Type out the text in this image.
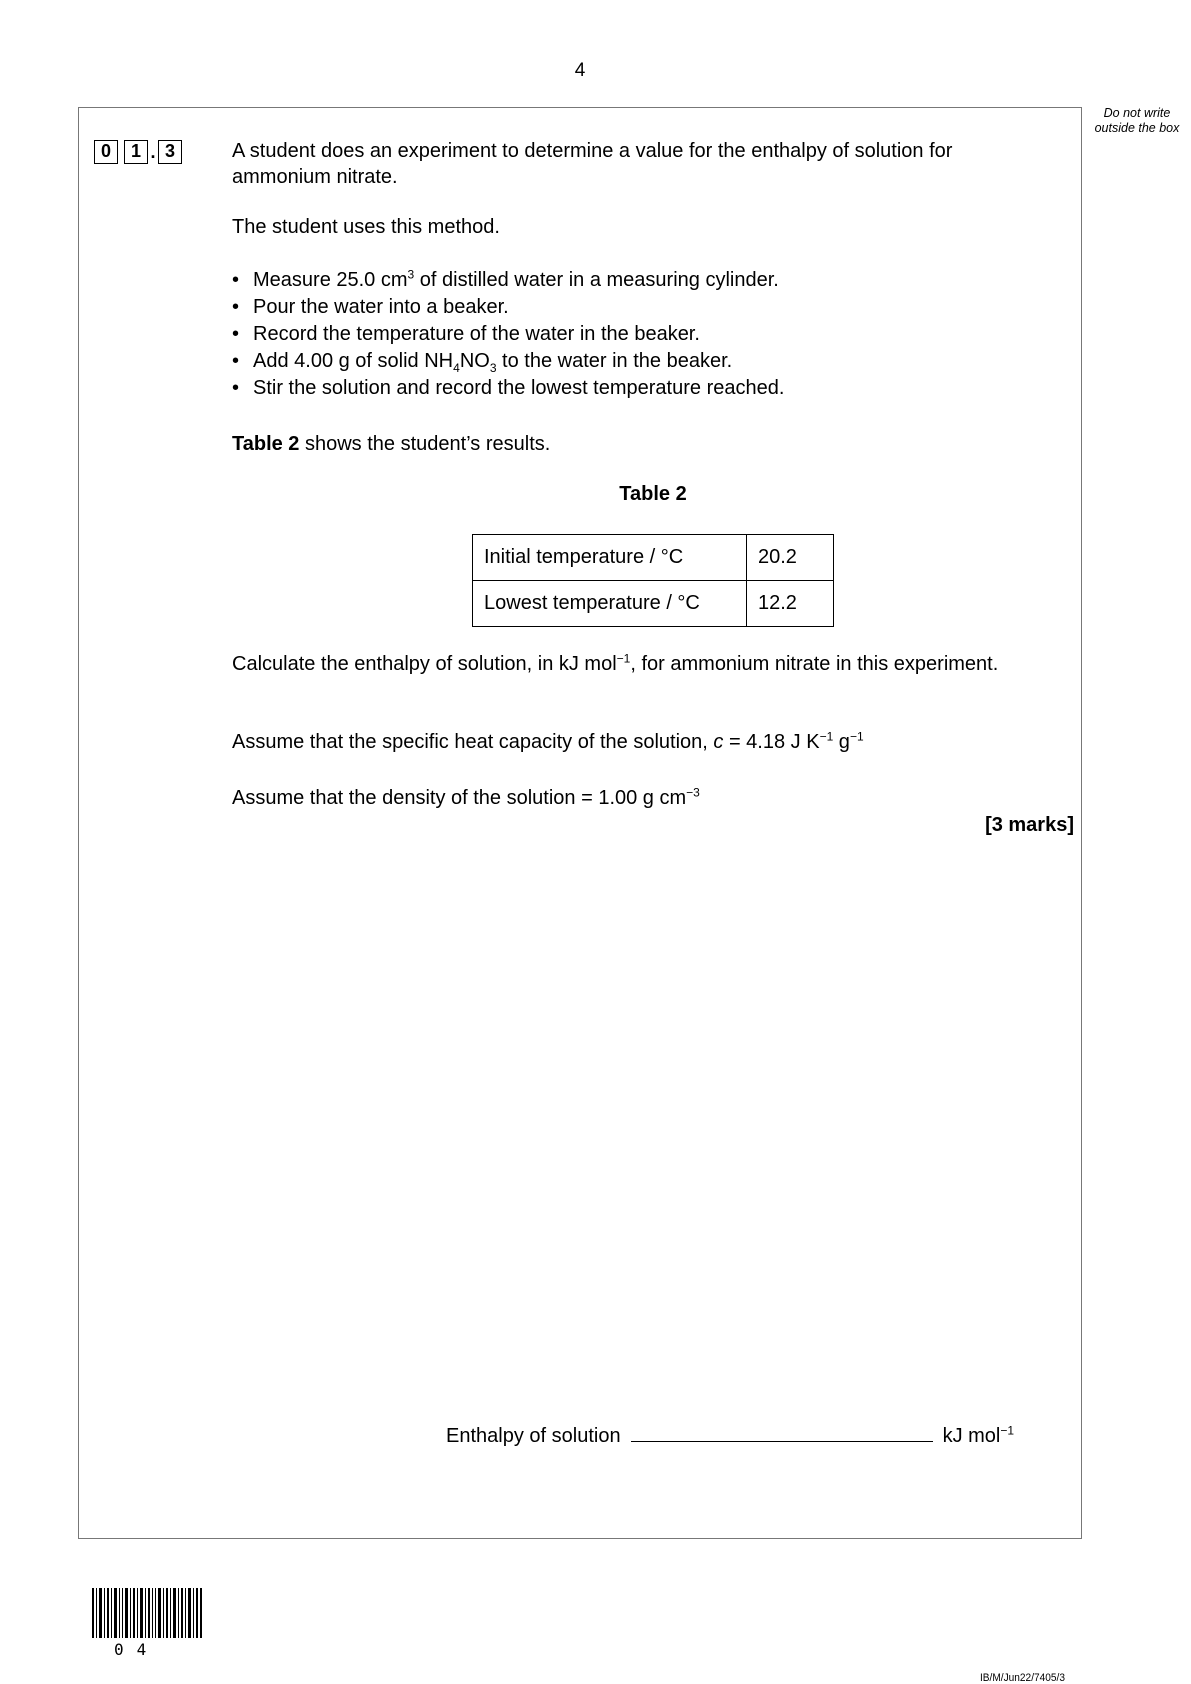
4
Do not write outside the box
0	1 . 3	A student does an experiment to determine a value for the enthalpy of solution for ammonium nitrate.
The student uses this method.
• Measure 25.0 $cm^3$ of distilled water in a measuring cylinder.
• Pour the water into a beaker.
• Record the temperature of the water in the beaker.
• Add 4.00 g of solid $NH_4NO_3$ to the water in the beaker.
• Stir the solution and record the lowest temperature reached.
Table 2 shows the student’s results.
Table 2
Initial temperature / °C	20.2
Lowest temperature / °C	12.2
Calculate the enthalpy of solution, in kJ mol$^{-1}$, for ammonium nitrate in this experiment.
Assume that the specific heat capacity of the solution, c = 4.18 J $K^{-1}$ $g^{-1}$
Assume that the density of the solution = 1.00 g $cm^{-3}$
[3 marks]
Enthalpy of solution	kJ mol$^{-1}$
04
IB/M/Jun22/7405/3
